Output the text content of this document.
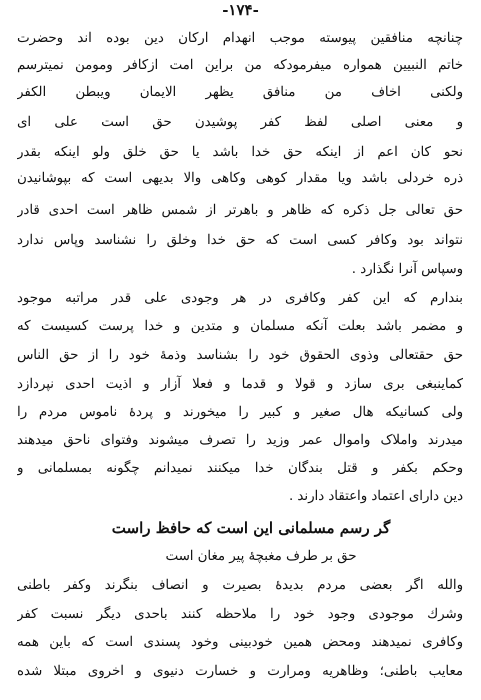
-۱۷۴-
چنانچه منافقین پیوسته موجب انهدام ارکان دین بوده اند وحضرت
خاتم النبیین همواره میفرمودکه من براین امت ازکافر ومومن نمیترسم
ولکنی اخاف من منافق یظهر الایمان ویبطن الکفر
و معنی اصلی لفظ کفر پوشیدن حق است علی ای
نحو کان اعم از اینکه حق خدا باشد یا حق خلق ولو اینکه بقدر
ذره خردلی باشد ویا مقدار کوهی وکاهی والا بدیهی است که بپوشانیدن
حق تعالی جل ذکره که ظاهر و باهرتر از شمس ظاهر است احدی قادر
نتواند بود وکافر کسی است که حق خدا وخلق را نشناسد وپاس ندارد
وسپاس آنرا نگذارد .
بندارم که این کفر وکافری در هر وجودی علی قدر مراتبه موجود
و مضمر باشد بعلت آنکه مسلمان و متدین و خدا پرست کسیست که
حق حقتعالی وذوی الحقوق خود را بشناسد وذمهٔ خود را از حق الناس
کماینبغی بری سازد و قولا و قدما و فعلا آزار و اذیت احدی نپردازد
ولی کسانیکه هال صغیر و کبیر را میخورند و پردهٔ ناموس مردم را
میدرند واملاک واموال عمر وزید را تصرف میشوند وفتوای ناحق میدهند
وحکم بکفر و قتل بندگان خدا میکنند نمیدانم چگونه بمسلمانی و
دین دارای اعتماد واعتقاد دارند .
گر رسم مسلمانی این است که حافظ راست
حق بر طرف مغبچهٔ پیر مغان است
والله اگر بعضی مردم بدیدهٔ بصیرت و انصاف بنگرند وکفر باطنی
وشرك موجودی وجود خود را ملاحظه کنند باحدی دیگر نسبت کفر
وکافری نمیدهند ومحض همین خودبینی وخود پسندی است که باین همه
معایب باطنی؛ وظاهریه ومرارت و خسارت دنیوی و اخروی مبتلا شده
